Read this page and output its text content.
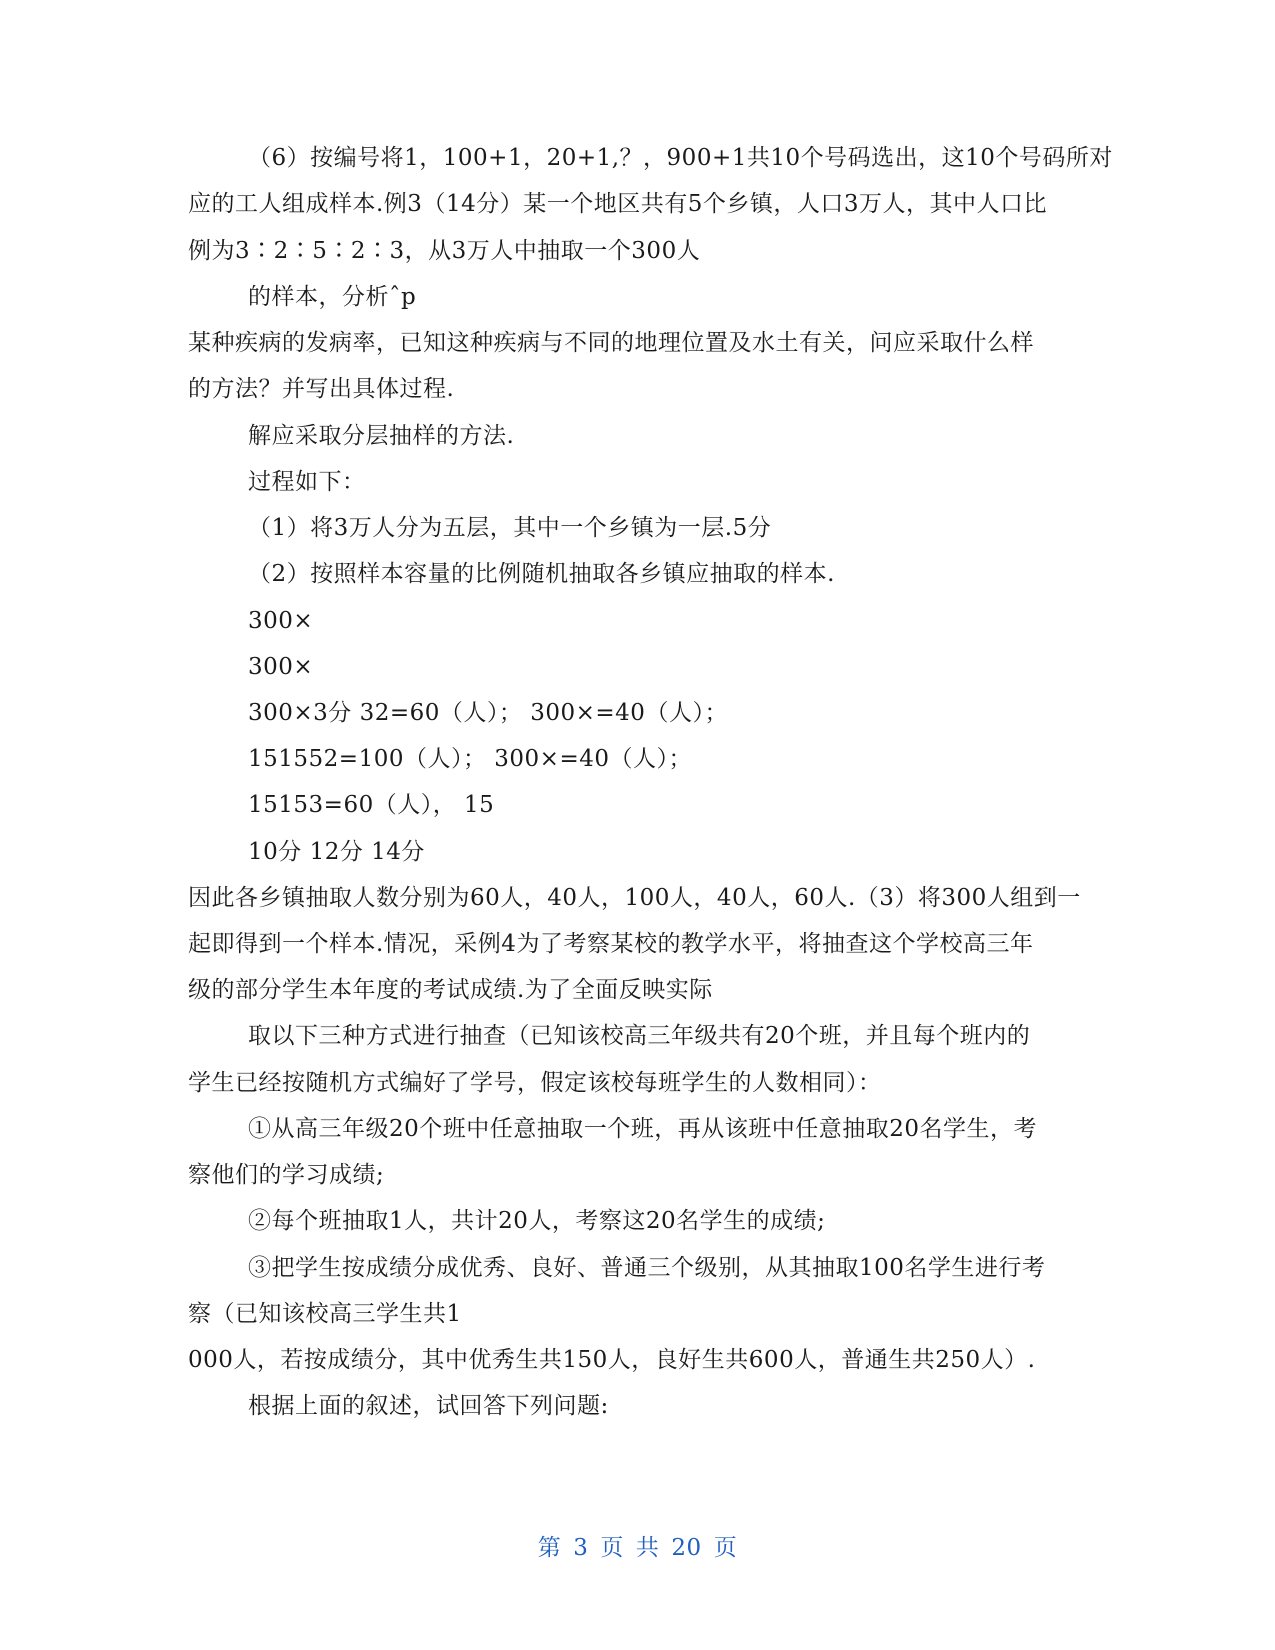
（6）按编号将1，100+1，20+1,？，900+1共10个号码选出，这10个号码所对
应的工人组成样本.例3（14分）某一个地区共有5个乡镇，人口3万人，其中人口比
例为3∶2∶5∶2∶3，从3万人中抽取一个300人
的样本，分析ˆp
某种疾病的发病率，已知这种疾病与不同的地理位置及水土有关，问应采取什么样
的方法？并写出具体过程.
解应采取分层抽样的方法.
过程如下：
（1）将3万人分为五层，其中一个乡镇为一层.5分
（2）按照样本容量的比例随机抽取各乡镇应抽取的样本.
300×
300×
300×3分 32=60（人）； 300×=40（人）；
151552=100（人）； 300×=40（人）；
15153=60（人）， 15
10分 12分 14分
因此各乡镇抽取人数分别为60人，40人，100人，40人，60人.（3）将300人组到一
起即得到一个样本.情况，采例4为了考察某校的教学水平，将抽查这个学校高三年
级的部分学生本年度的考试成绩.为了全面反映实际
取以下三种方式进行抽查（已知该校高三年级共有20个班，并且每个班内的
学生已经按随机方式编好了学号，假定该校每班学生的人数相同）：
①从高三年级20个班中任意抽取一个班，再从该班中任意抽取20名学生，考
察他们的学习成绩;
②每个班抽取1人，共计20人，考察这20名学生的成绩;
③把学生按成绩分成优秀、良好、普通三个级别，从其抽取100名学生进行考
察（已知该校高三学生共1
000人，若按成绩分，其中优秀生共150人，良好生共600人，普通生共250人）.
根据上面的叙述，试回答下列问题:
第 3 页 共 20 页
